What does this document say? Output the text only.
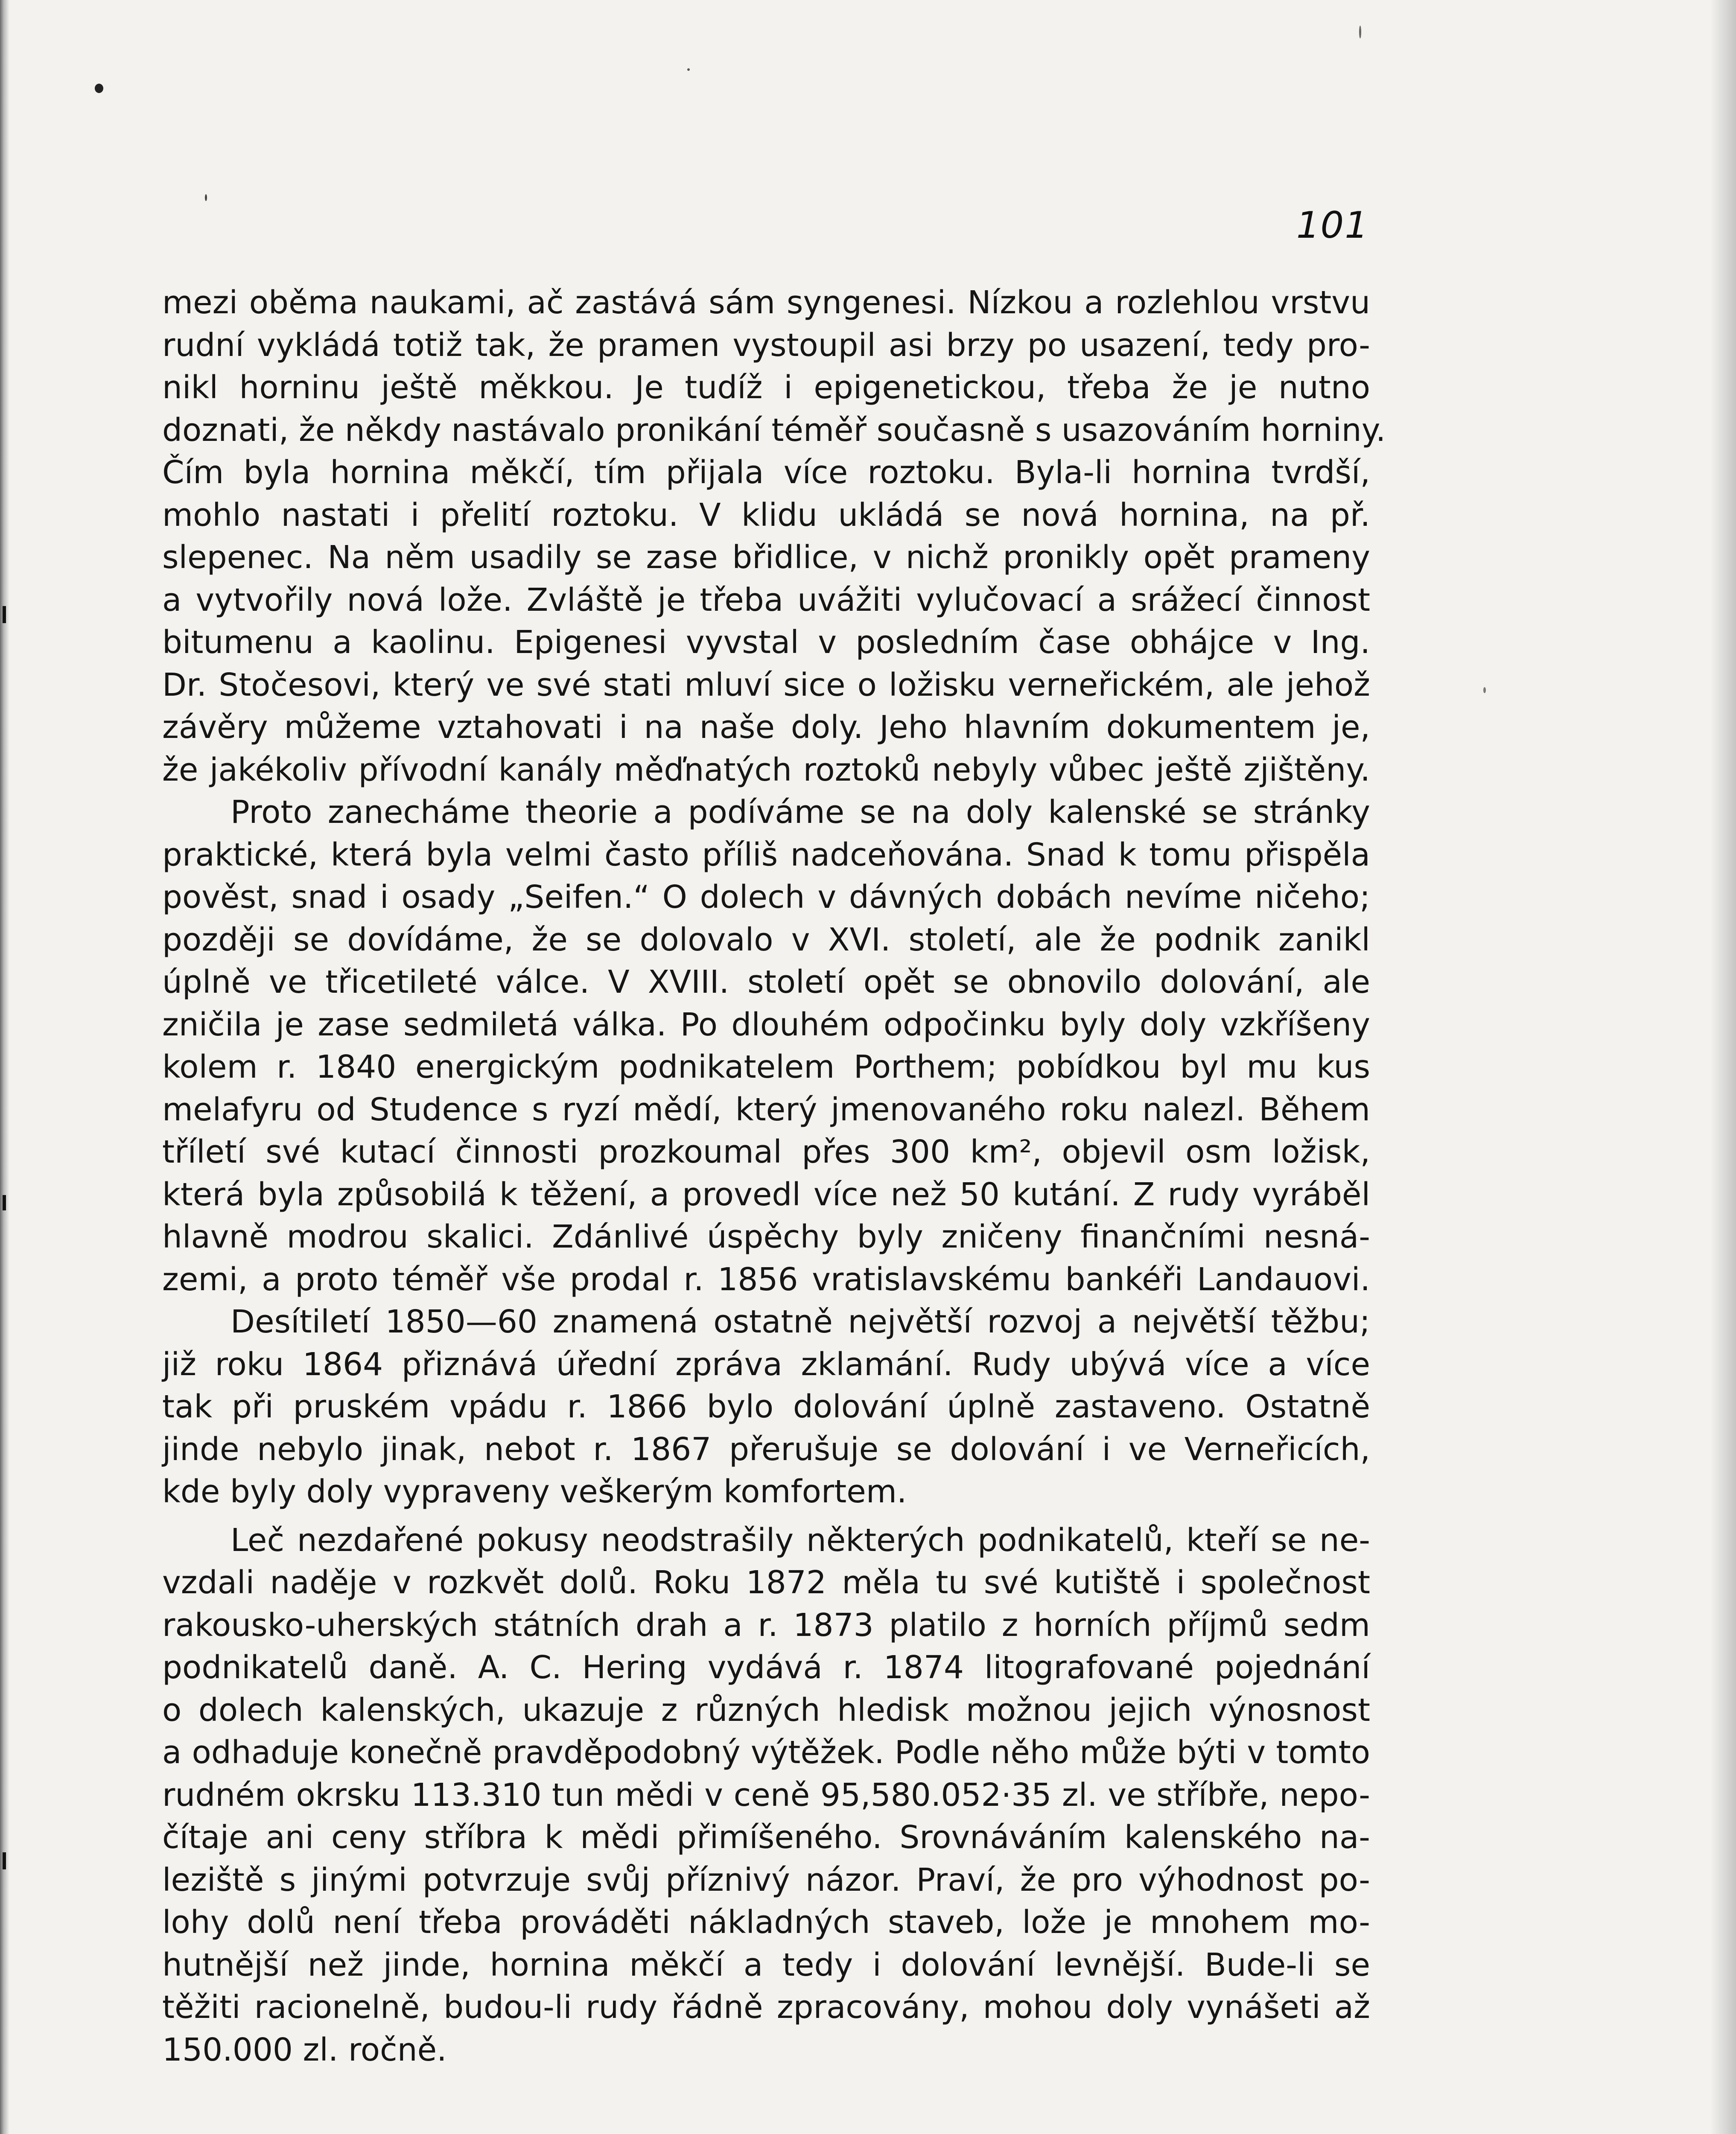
101
mezi oběma naukami, ač zastává sám syngenesi. Nízkou a rozlehlou vrstvu
rudní vykládá totiž tak, že pramen vystoupil asi brzy po usazení, tedy pro-
nikl horninu ještě měkkou. Je tudíž i epigenetickou, třeba že je nutno
doznati, že někdy nastávalo pronikání téměř současně s usazováním horniny.
Čím byla hornina měkčí, tím přijala více roztoku. Byla-li hornina tvrdší,
mohlo nastati i přelití roztoku. V klidu ukládá se nová hornina, na př.
slepenec. Na něm usadily se zase břidlice, v nichž pronikly opět prameny
a vytvořily nová lože. Zvláště je třeba uvážiti vylučovací a srážecí činnost
bitumenu a kaolinu. Epigenesi vyvstal v posledním čase obhájce v Ing.
Dr. Stočesovi, který ve své stati mluví sice o ložisku verneřickém, ale jehož
závěry můžeme vztahovati i na naše doly. Jeho hlavním dokumentem je,
že jakékoliv přívodní kanály měďnatých roztoků nebyly vůbec ještě zjištěny.
Proto zanecháme theorie a podíváme se na doly kalenské se stránky
praktické, která byla velmi často příliš nadceňována. Snad k tomu přispěla
pověst, snad i osady „Seifen.“ O dolech v dávných dobách nevíme ničeho;
později se dovídáme, že se dolovalo v XVI. století, ale že podnik zanikl
úplně ve třicetileté válce. V XVIII. století opět se obnovilo dolování, ale
zničila je zase sedmiletá válka. Po dlouhém odpočinku byly doly vzkříšeny
kolem r. 1840 energickým podnikatelem Porthem; pobídkou byl mu kus
melafyru od Studence s ryzí mědí, který jmenovaného roku nalezl. Během
tříletí své kutací činnosti prozkoumal přes 300 km², objevil osm ložisk,
která byla způsobilá k těžení, a provedl více než 50 kutání. Z rudy vyráběl
hlavně modrou skalici. Zdánlivé úspěchy byly zničeny finančními nesná-
zemi, a proto téměř vše prodal r. 1856 vratislavskému bankéři Landauovi.
Desítiletí 1850—60 znamená ostatně největší rozvoj a největší těžbu;
již roku 1864 přiznává úřední zpráva zklamání. Rudy ubývá více a více
tak při pruském vpádu r. 1866 bylo dolování úplně zastaveno. Ostatně
jinde nebylo jinak, nebot r. 1867 přerušuje se dolování i ve Verneřicích,
kde byly doly vypraveny veškerým komfortem.
Leč nezdařené pokusy neodstrašily některých podnikatelů, kteří se ne-
vzdali naděje v rozkvět dolů. Roku 1872 měla tu své kutiště i společnost
rakousko-uherských státních drah a r. 1873 platilo z horních příjmů sedm
podnikatelů daně. A. C. Hering vydává r. 1874 litografované pojednání
o dolech kalenských, ukazuje z různých hledisk možnou jejich výnosnost
a odhaduje konečně pravděpodobný výtěžek. Podle něho může býti v tomto
rudném okrsku 113.310 tun mědi v ceně 95,580.052·35 zl. ve stříbře, nepo-
čítaje ani ceny stříbra k mědi přimíšeného. Srovnáváním kalenského na-
leziště s jinými potvrzuje svůj příznivý názor. Praví, že pro výhodnost po-
lohy dolů není třeba prováděti nákladných staveb, lože je mnohem mo-
hutnější než jinde, hornina měkčí a tedy i dolování levnější. Bude-li se
těžiti racionelně, budou-li rudy řádně zpracovány, mohou doly vynášeti až
150.000 zl. ročně.
